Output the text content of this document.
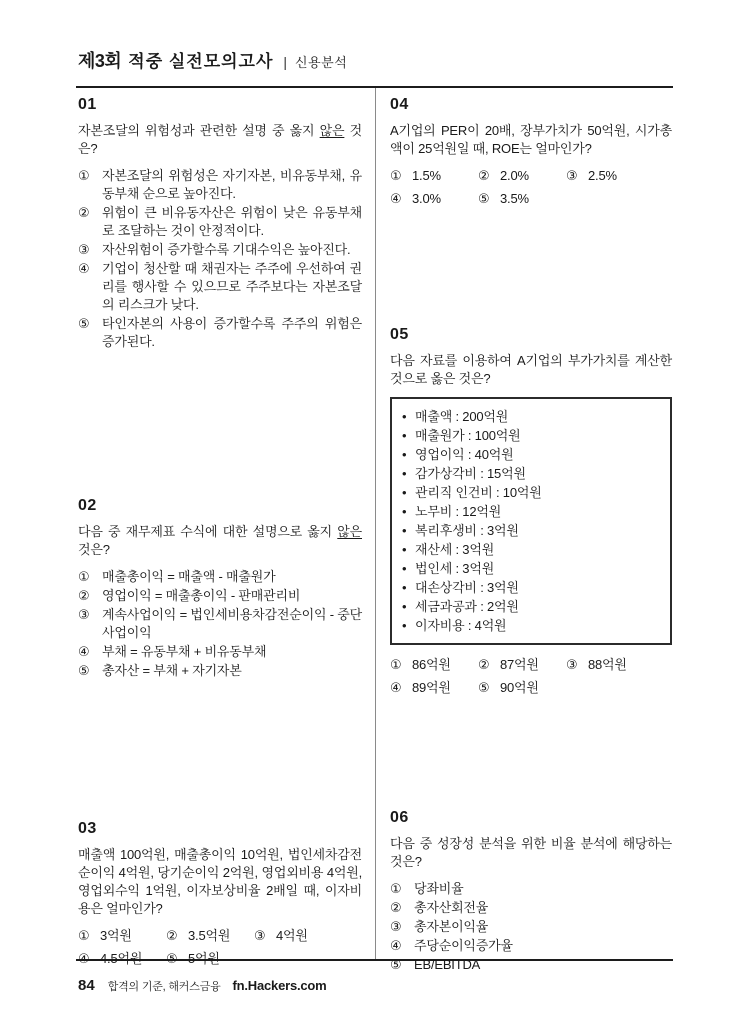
제3회 적중 실전모의고사 | 신용분석
01

자본조달의 위험성과 관련한 설명 중 옳지 않은 것은?

① 자본조달의 위험성은 자기자본, 비유동부채, 유동부채 순으로 높아진다.
② 위험이 큰 비유동자산은 위험이 낮은 유동부채로 조달하는 것이 안정적이다.
③ 자산위험이 증가할수록 기대수익은 높아진다.
④ 기업이 청산할 때 채권자는 주주에 우선하여 권리를 행사할 수 있으므로 주주보다는 자본조달의 리스크가 낮다.
⑤ 타인자본의 사용이 증가할수록 주주의 위험은 증가된다.
02

다음 중 재무제표 수식에 대한 설명으로 옳지 않은 것은?

① 매출총이익 = 매출액 - 매출원가
② 영업이익 = 매출총이익 - 판매관리비
③ 계속사업이익 = 법인세비용차감전순이익 - 중단사업이익
④ 부채 = 유동부채 + 비유동부채
⑤ 총자산 = 부채 + 자기자본
03

매출액 100억원, 매출총이익 10억원, 법인세차감전순이익 4억원, 당기순이익 2억원, 영업외비용 4억원, 영업외수익 1억원, 이자보상비율 2배일 때, 이자비용은 얼마인가?

① 3억원	② 3.5억원 ③ 4억원
④ 4.5억원 ⑤ 5억원
04

A기업의 PER이 20배, 장부가치가 50억원, 시가총액이 25억원일 때, ROE는 얼마인가?

① 1.5%	② 2.0%	③ 2.5%
④ 3.0%	⑤ 3.5%
05

다음 자료를 이용하여 A기업의 부가가치를 계산한 것으로 옳은 것은?

• 매출액 : 200억원
• 매출원가 : 100억원
• 영업이익 : 40억원
• 감가상각비 : 15억원
• 관리직 인건비 : 10억원
• 노무비 : 12억원
• 복리후생비 : 3억원
• 재산세 : 3억원
• 법인세 : 3억원
• 대손상각비 : 3억원
• 세금과공과 : 2억원
• 이자비용 : 4억원
① 86억원 ② 87억원 ③ 88억원
④ 89억원 ⑤ 90억원
06

다음 중 성장성 분석을 위한 비율 분석에 해당하는 것은?

① 당좌비율
② 총자산회전율
③ 총자본이익율
④ 주당순이익증가율
⑤ EB/EBITDA
84 합격의 기준, 해커스금융 fn.Hackers.com
